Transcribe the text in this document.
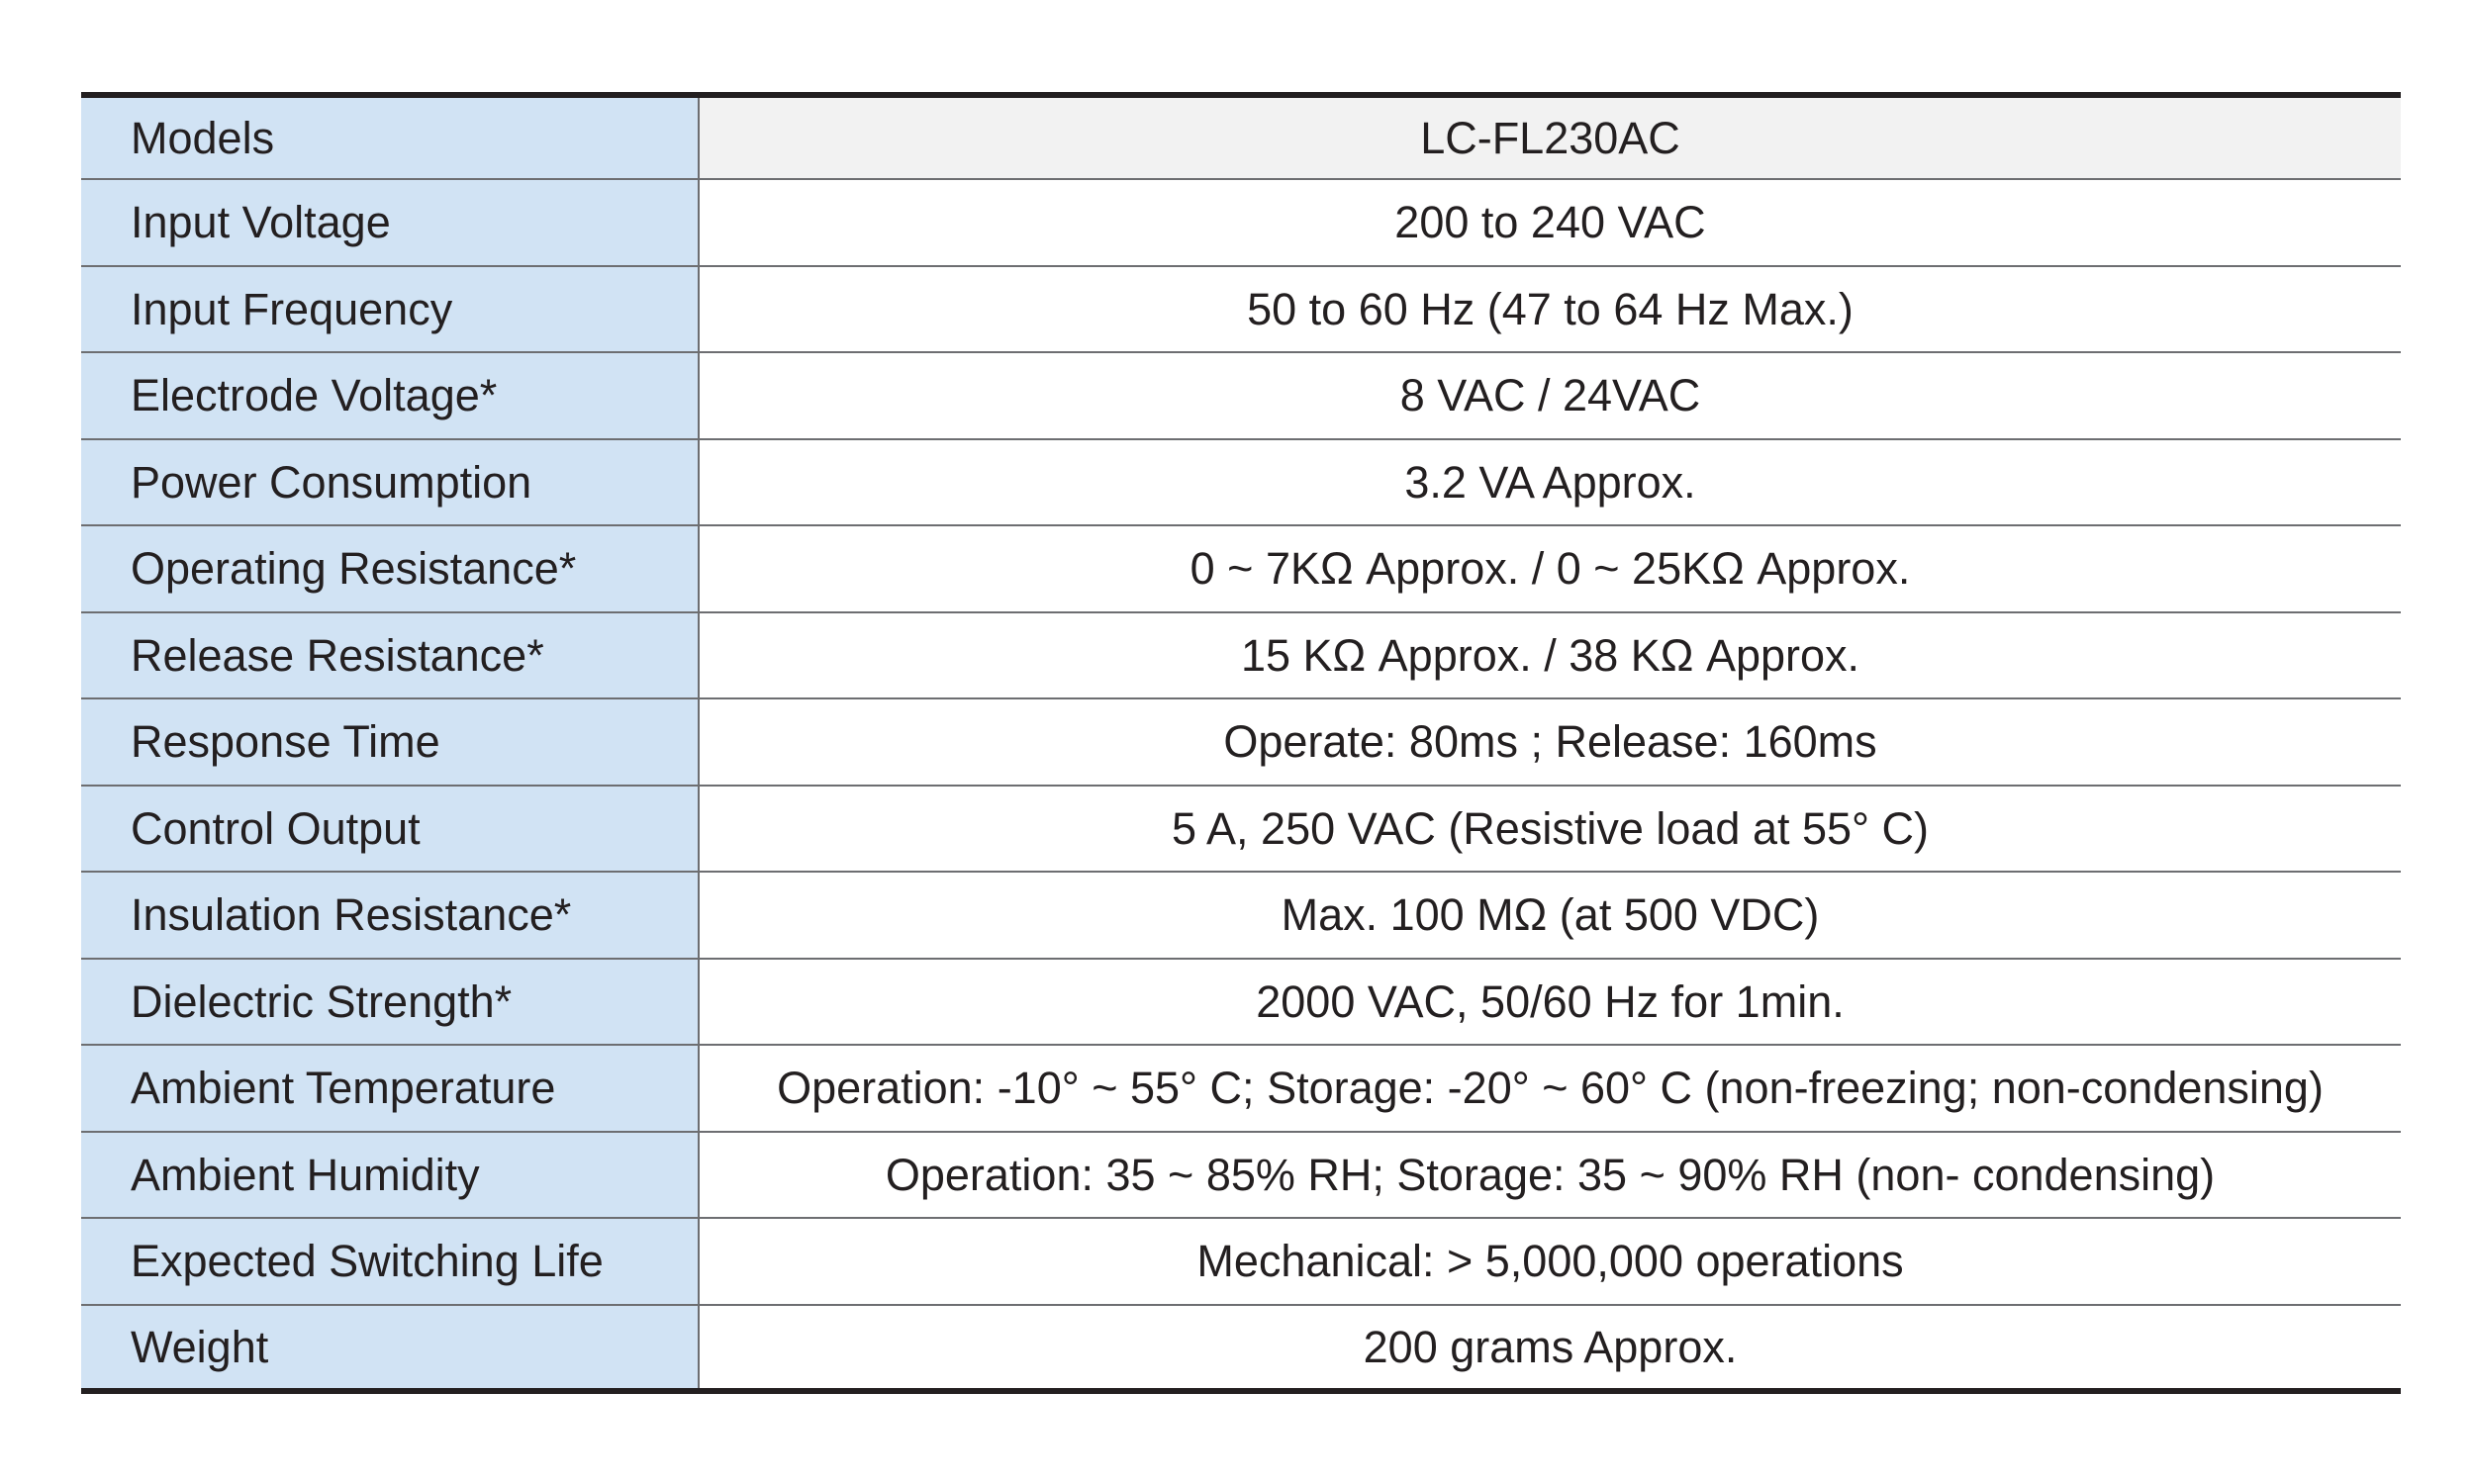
Models	LC-FL230AC
Input Voltage	200 to 240 VAC
Input Frequency	50 to 60 Hz (47 to 64 Hz Max.)
Electrode Voltage*	8 VAC / 24VAC
Power Consumption	3.2 VA Approx.
Operating Resistance*	0 ~ 7KΩ Approx. / 0 ~ 25KΩ Approx.
Release Resistance*	15 KΩ Approx. / 38 KΩ Approx.
Response Time	Operate: 80ms ; Release: 160ms
Control Output	5 A, 250 VAC (Resistive load at 55° C)
Insulation Resistance*	Max. 100 MΩ (at 500 VDC)
Dielectric Strength*	2000 VAC, 50/60 Hz for 1min.
Ambient Temperature	Operation: -10° ~ 55° C; Storage: -20° ~ 60° C (non-freezing; non-condensing)
Ambient Humidity	Operation: 35 ~ 85% RH; Storage: 35 ~ 90% RH (non- condensing)
Expected Switching Life	Mechanical: > 5,000,000 operations
Weight	200 grams Approx.
